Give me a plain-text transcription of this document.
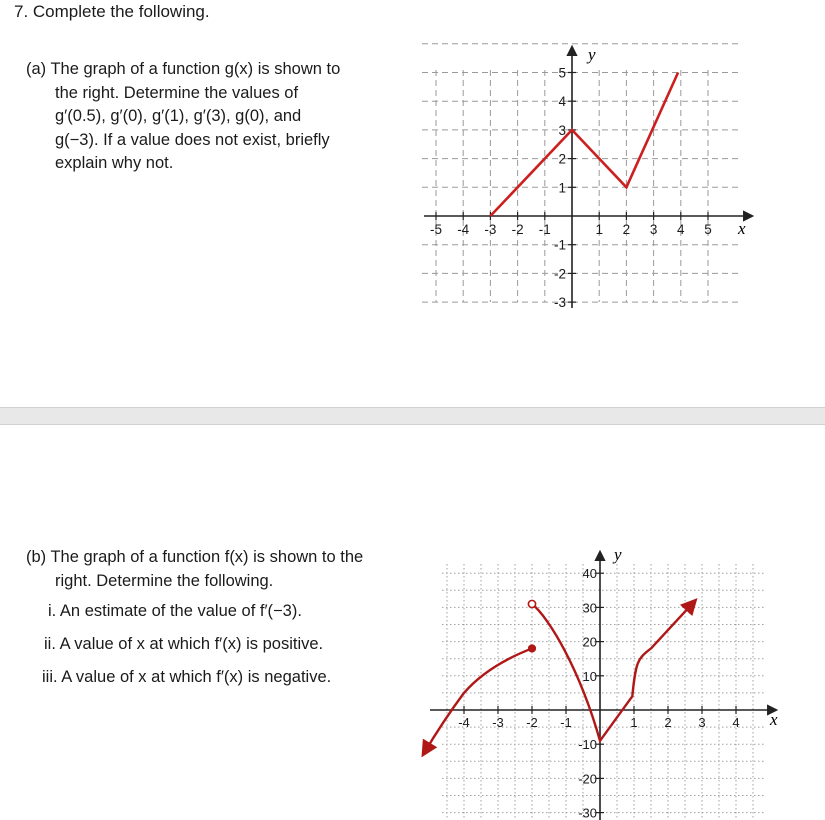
7. Complete the following.
(a) The graph of a function g(x) is shown to
the right. Determine the values of
g′(0.5), g′(0), g′(1), g′(3), g(0), and
g(−3). If a value does not exist, briefly
explain why not.
-5 -4 -3 -2 -1	1 2 3 4 5
5
4
3
2
1
-1
-2
-3
x
y
(b) The graph of a function f(x) is shown to the
right. Determine the following.
i. An estimate of the value of f′(−3).
ii. A value of x at which f′(x) is positive.
iii. A value of x at which f′(x) is negative.
-4 -3 -2 -1	1 2 3 4
40
30
20
10
-10
-20
-30
x
y
